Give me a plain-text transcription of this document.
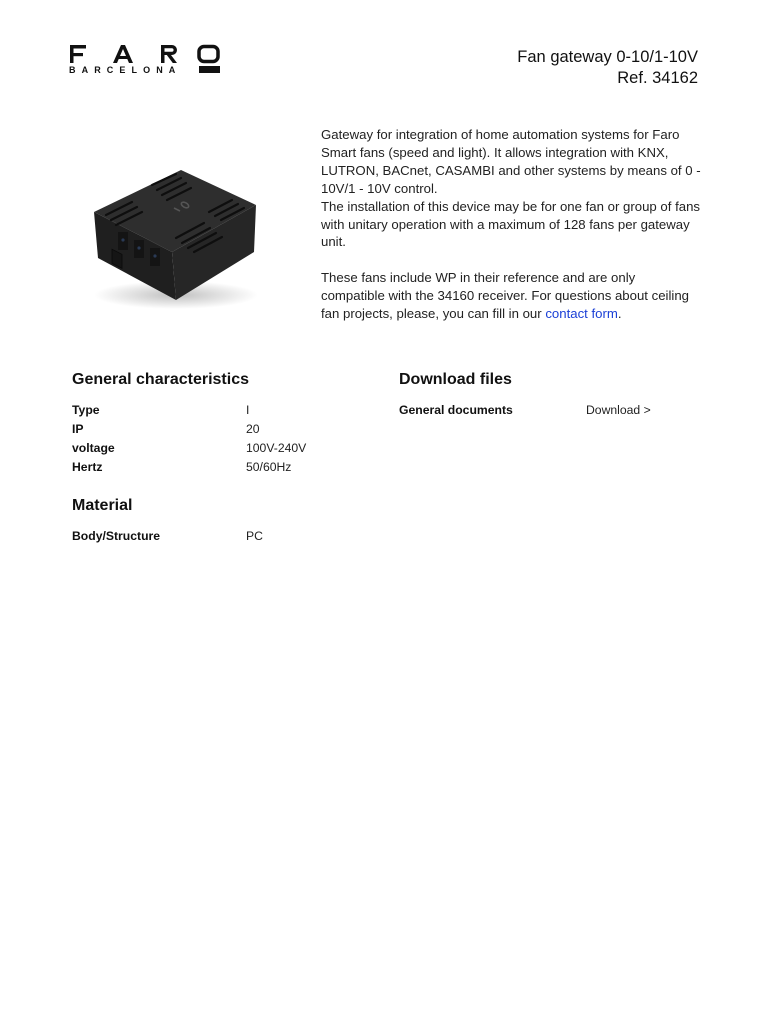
BARCELONA
Fan gateway 0-10/1-10V
Ref. 34162

Gateway for integration of home automation systems for Faro Smart fans (speed and light). It allows integration with KNX, LUTRON, BACnet, CASAMBI and other systems by means of 0 - 10V/1 - 10V control.

The installation of this device may be for one fan or group of fans with unitary operation with a maximum of 128 fans per gateway unit.

These fans include WP in their reference and are only compatible with the 34160 receiver. For questions about ceiling fan projects, please, you can fill in our contact form.

General characteristics
Type	I
IP	20
voltage	100V-240V
Hertz	50/60Hz
Material
Body/Structure	PC
Download files
General documents	Download >
